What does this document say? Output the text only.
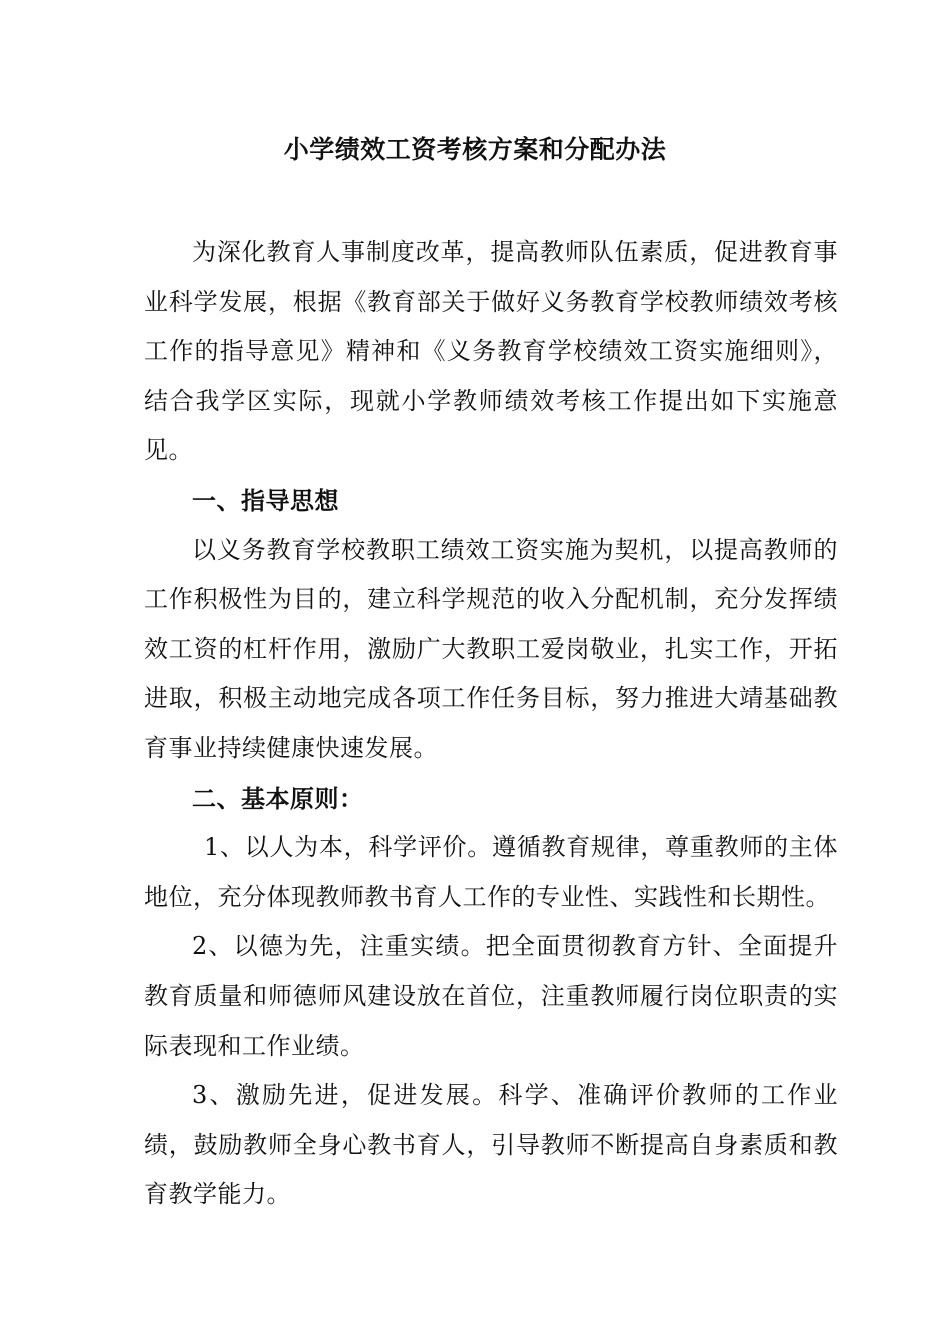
小学绩效工资考核方案和分配办法

为深化教育人事制度改革，提高教师队伍素质，促进教育事业科学发展，根据《教育部关于做好义务教育学校教师绩效考核工作的指导意见》精神和《义务教育学校绩效工资实施细则》，结合我学区实际，现就小学教师绩效考核工作提出如下实施意见。

一、指导思想

以义务教育学校教职工绩效工资实施为契机，以提高教师的工作积极性为目的，建立科学规范的收入分配机制，充分发挥绩效工资的杠杆作用，激励广大教职工爱岗敬业，扎实工作，开拓进取，积极主动地完成各项工作任务目标，努力推进大靖基础教育事业持续健康快速发展。

二、基本原则：

1、以人为本，科学评价。遵循教育规律，尊重教师的主体地位，充分体现教师教书育人工作的专业性、实践性和长期性。

2、以德为先，注重实绩。把全面贯彻教育方针、全面提升教育质量和师德师风建设放在首位，注重教师履行岗位职责的实际表现和工作业绩。

3、激励先进，促进发展。科学、准确评价教师的工作业绩，鼓励教师全身心教书育人，引导教师不断提高自身素质和教育教学能力。
